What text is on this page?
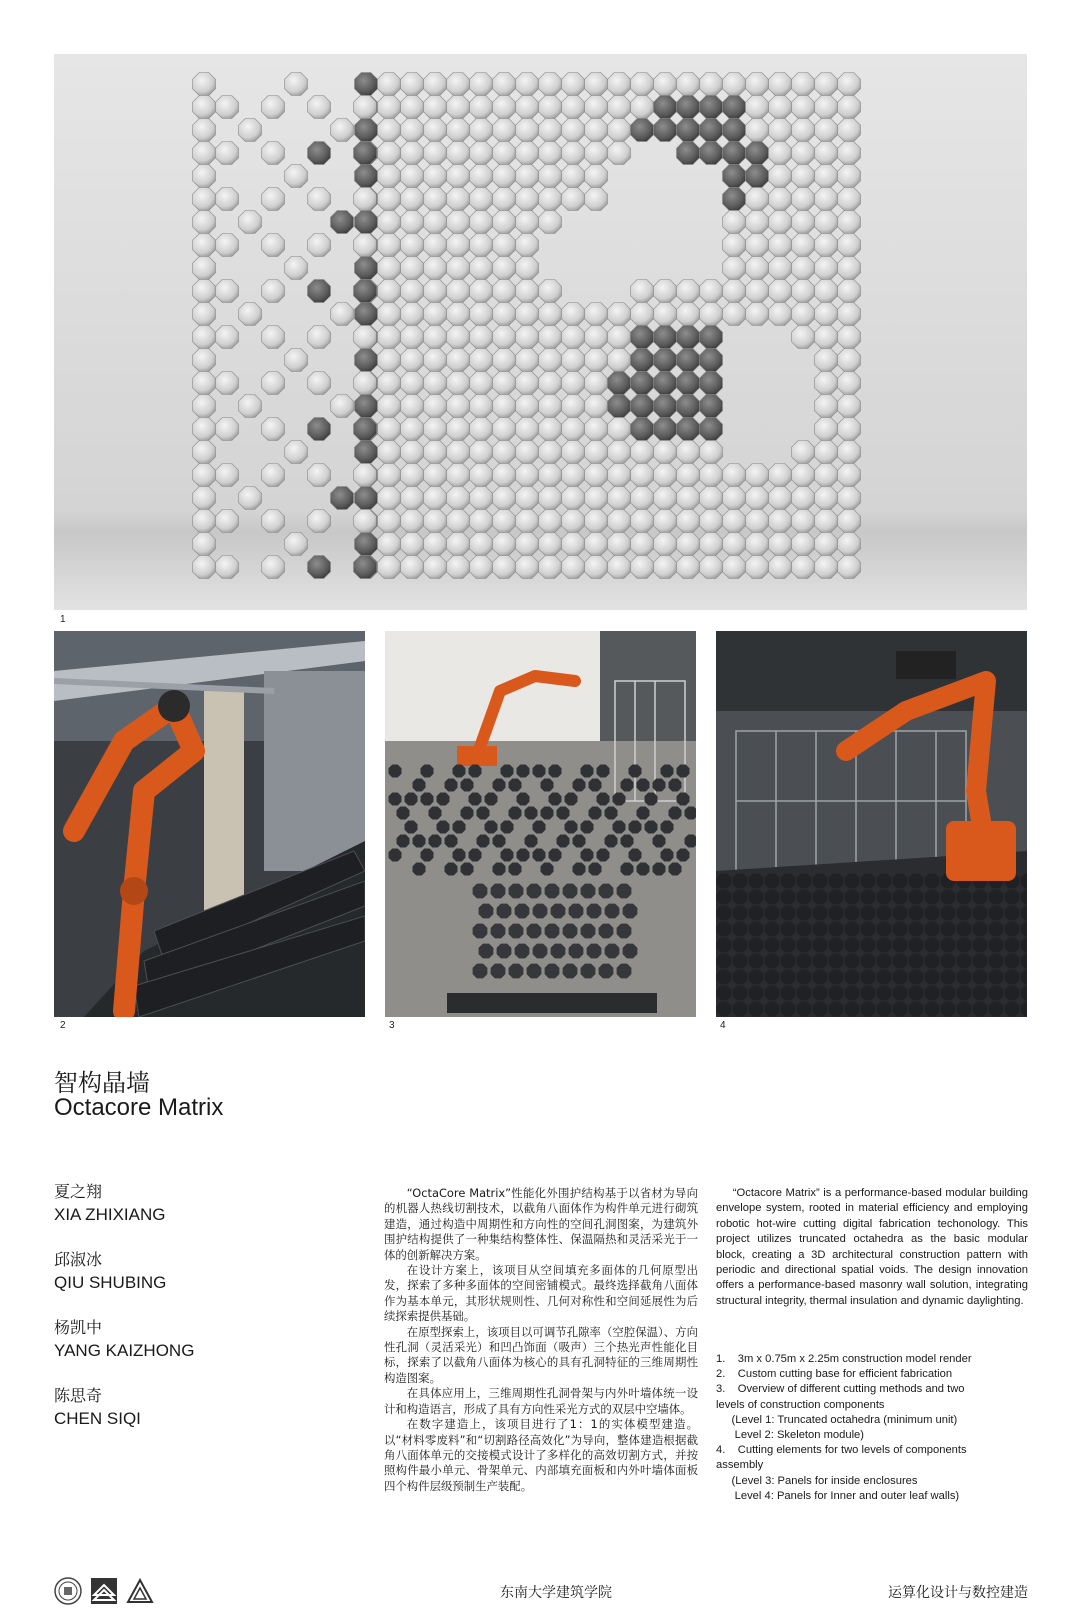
1
2	3	4
智构晶墙
Octacore Matrix
夏之翔
XIA ZHIXIANG
邱淑冰
QIU SHUBING
杨凯中
YANG KAIZHONG
陈思奇
CHEN SIQI

“OctaCore Matrix”性能化外围护结构基于以省材为导向的机器人热线切割技术，以截角八面体作为构件单元进行砌筑建造，通过构造中周期性和方向性的空间孔洞图案，为建筑外围护结构提供了一种集结构整体性、保温隔热和灵活采光于一体的创新解决方案。

在设计方案上，该项目从空间填充多面体的几何原型出发，探索了多种多面体的空间密铺模式。最终选择截角八面体作为基本单元，其形状规则性、几何对称性和空间延展性为后续探索提供基础。

在原型探索上，该项目以可调节孔隙率（空腔保温）、方向性孔洞（灵活采光）和凹凸饰面（吸声）三个热光声性能化目标，探索了以截角八面体为核心的具有孔洞特征的三维周期性构造图案。

在具体应用上，三维周期性孔洞骨架与内外叶墙体统一设计和构造语言，形成了具有方向性采光方式的双层中空墙体。

在数字建造上，该项目进行了1：1的实体模型建造。以“材料零废料”和“切割路径高效化”为导向，整体建造根据截角八面体单元的交接模式设计了多样化的高效切割方式，并按照构件最小单元、骨架单元、内部填充面板和内外叶墙体面板四个构件层级预制生产装配。

“Octacore Matrix” is a performance-based modular building envelope system, rooted in material efficiency and employing robotic hot-wire cutting digital fabrication techonology. This project utilizes truncated octahedra as the basic modular block, creating a 3D architectural construction pattern with periodic and directional spatial voids. The design innovation offers a performance-based masonry wall solution, integrating structural integrity, thermal insulation and dynamic daylighting.

1.    3m x 0.75m x 2.25m construction model render
2.    Custom cutting base for efficient fabrication
3.    Overview of different cutting methods and two
levels of construction components
(Level 1: Truncated octahedra (minimum unit)
Level 2: Skeleton module)
4.    Cutting elements for two levels of components
assembly
(Level 3: Panels for inside enclosures
Level 4: Panels for Inner and outer leaf walls)
东南大学建筑学院	运算化设计与数控建造
